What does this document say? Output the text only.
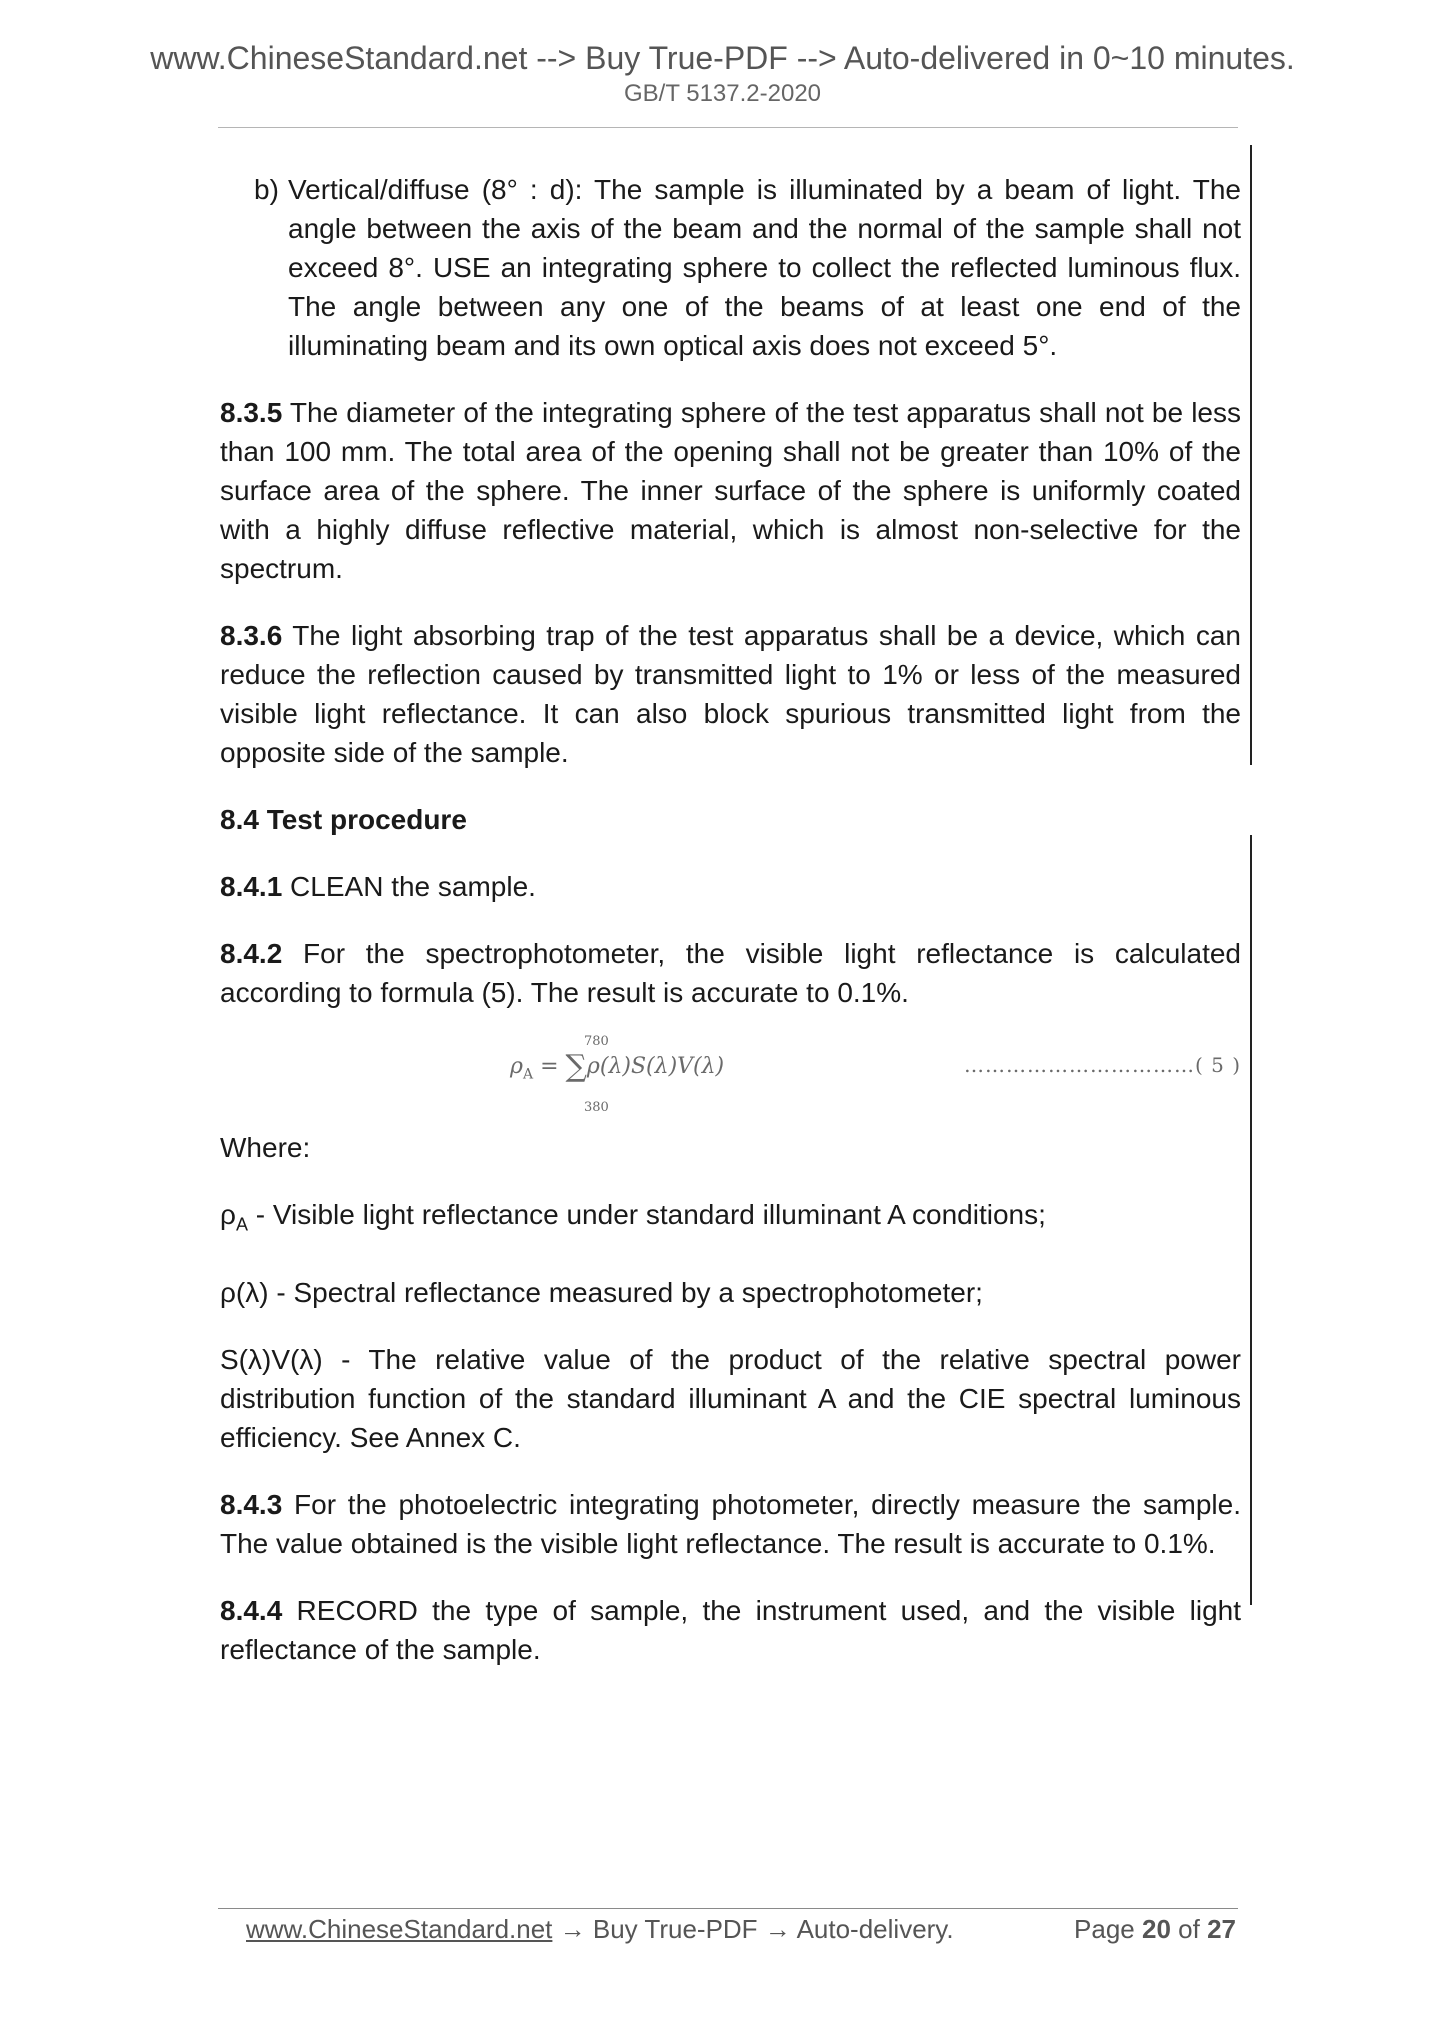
www.ChineseStandard.net --> Buy True-PDF --> Auto-delivered in 0~10 minutes.
GB/T 5137.2-2020

b) Vertical/diffuse (8° : d): The sample is illuminated by a beam of light. The angle between the axis of the beam and the normal of the sample shall not exceed 8°. USE an integrating sphere to collect the reflected luminous flux. The angle between any one of the beams of at least one end of the illuminating beam and its own optical axis does not exceed 5°.

8.3.5 The diameter of the integrating sphere of the test apparatus shall not be less than 100 mm. The total area of the opening shall not be greater than 10% of the surface area of the sphere. The inner surface of the sphere is uniformly coated with a highly diffuse reflective material, which is almost non-selective for the spectrum.

8.3.6 The light absorbing trap of the test apparatus shall be a device, which can reduce the reflection caused by transmitted light to 1% or less of the measured visible light reflectance. It can also block spurious transmitted light from the opposite side of the sample.

8.4 Test procedure

8.4.1 CLEAN the sample.

8.4.2 For the spectrophotometer, the visible light reflectance is calculated according to formula (5). The result is accurate to 0.1%.

780
$\rho_A = \sum\rho(\lambda)S(\lambda)V(\lambda)$
380
……………………………( 5 )

Where:

$\rho_A$ - Visible light reflectance under standard illuminant A conditions;

ρ(λ) - Spectral reflectance measured by a spectrophotometer;

S(λ)V(λ) - The relative value of the product of the relative spectral power distribution function of the standard illuminant A and the CIE spectral luminous efficiency. See Annex C.

8.4.3 For the photoelectric integrating photometer, directly measure the sample. The value obtained is the visible light reflectance. The result is accurate to 0.1%.

8.4.4 RECORD the type of sample, the instrument used, and the visible light reflectance of the sample.

www.ChineseStandard.net → Buy True-PDF → Auto-delivery.	Page 20 of 27
